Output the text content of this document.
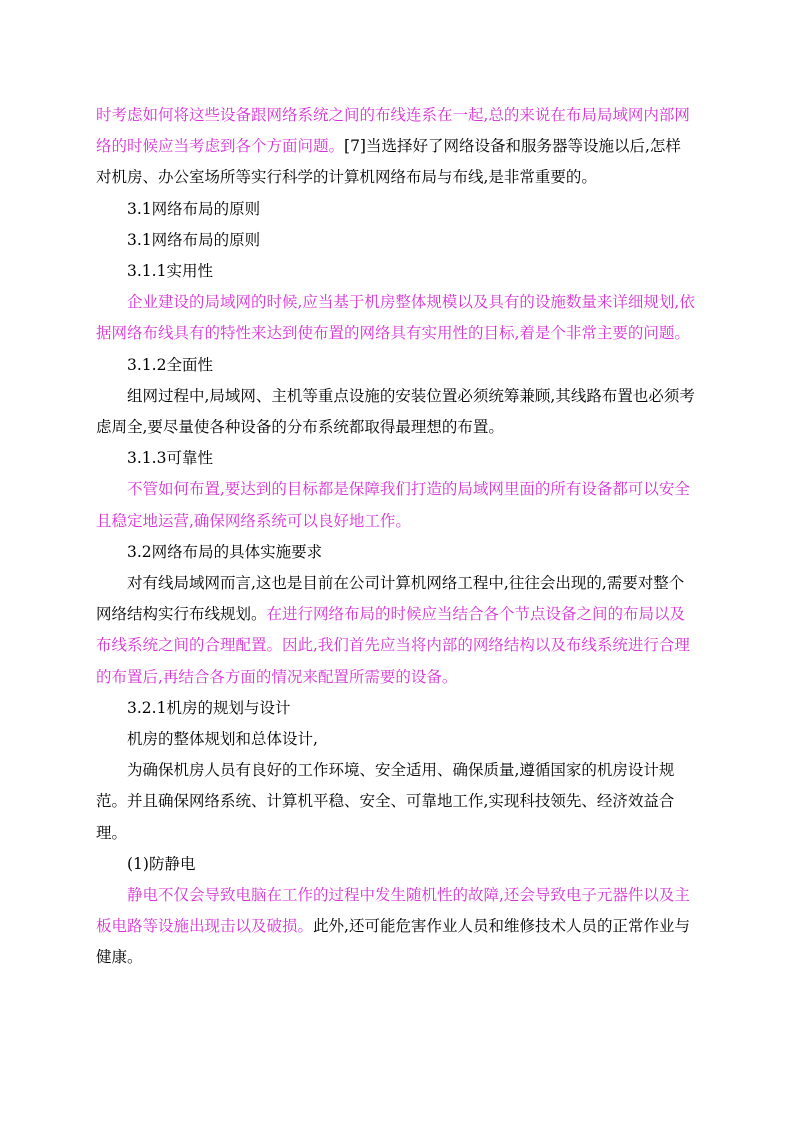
时考虑如何将这些设备跟网络系统之间的布线连系在一起,总的来说在布局局域网内部网络的时候应当考虑到各个方面问题。[7]当选择好了网络设备和服务器等设施以后,怎样对机房、办公室场所等实行科学的计算机网络布局与布线,是非常重要的。

3.1网络布局的原则

3.1网络布局的原则

3.1.1实用性

企业建设的局域网的时候,应当基于机房整体规模以及具有的设施数量来详细规划,依据网络布线具有的特性来达到使布置的网络具有实用性的目标,着是个非常主要的问题。

3.1.2全面性

组网过程中,局域网、主机等重点设施的安装位置必须统筹兼顾,其线路布置也必须考虑周全,要尽量使各种设备的分布系统都取得最理想的布置。

3.1.3可靠性

不管如何布置,要达到的目标都是保障我们打造的局域网里面的所有设备都可以安全且稳定地运营,确保网络系统可以良好地工作。

3.2网络布局的具体实施要求

对有线局域网而言,这也是目前在公司计算机网络工程中,往往会出现的,需要对整个网络结构实行布线规划。在进行网络布局的时候应当结合各个节点设备之间的布局以及布线系统之间的合理配置。因此,我们首先应当将内部的网络结构以及布线系统进行合理的布置后,再结合各方面的情况来配置所需要的设备。

3.2.1机房的规划与设计

机房的整体规划和总体设计,

为确保机房人员有良好的工作环境、安全适用、确保质量,遵循国家的机房设计规范。并且确保网络系统、计算机平稳、安全、可靠地工作,实现科技领先、经济效益合理。

(1)防静电

静电不仅会导致电脑在工作的过程中发生随机性的故障,还会导致电子元器件以及主板电路等设施出现击以及破损。此外,还可能危害作业人员和维修技术人员的正常作业与健康。
